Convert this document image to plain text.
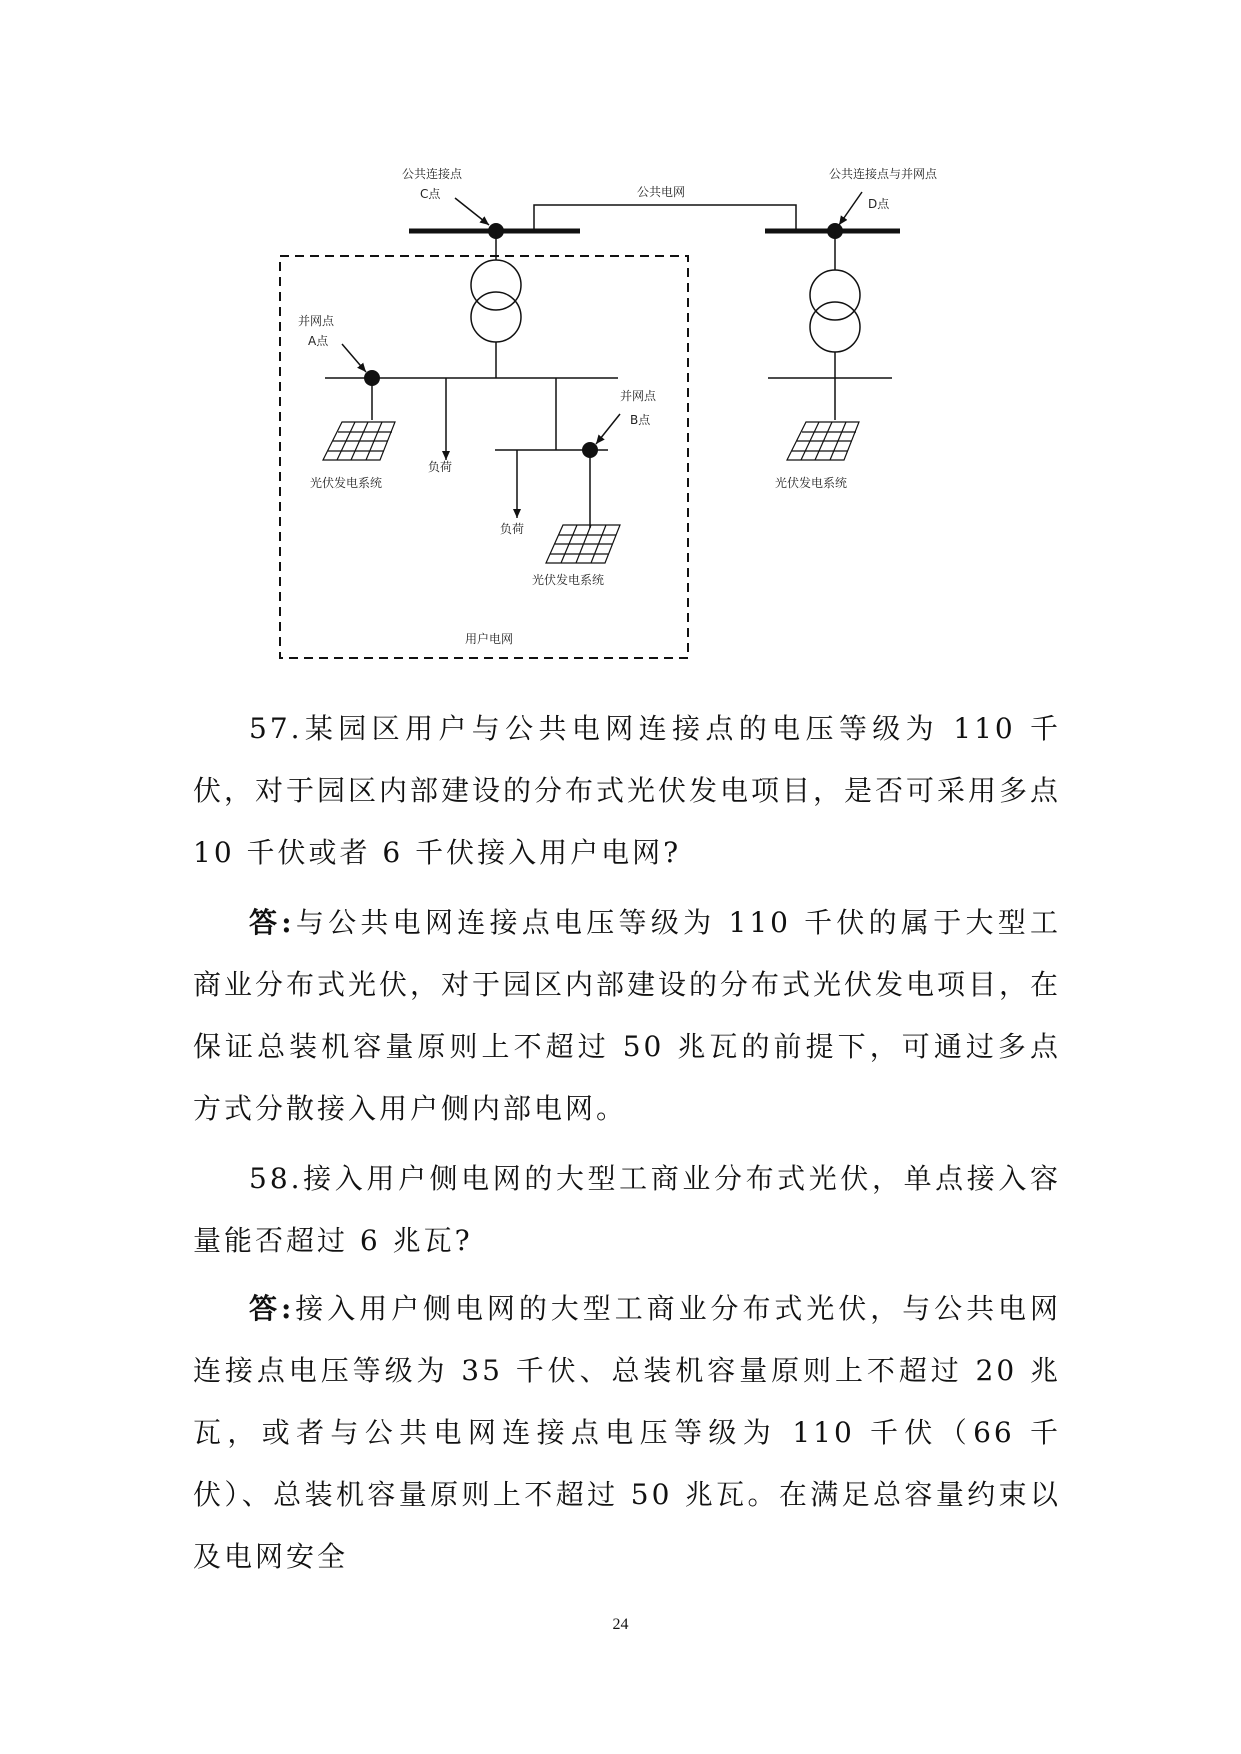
公共连接点
C点	公共电网
公共连接点与并网点
D点
并网点
A点
并网点
B点
负荷
负荷
光伏发电系统
光伏发电系统
光伏发电系统
用户电网

57.某园区用户与公共电网连接点的电压等级为 110 千伏，对于园区内部建设的分布式光伏发电项目，是否可采用多点 10 千伏或者 6 千伏接入用户电网?

答:与公共电网连接点电压等级为 110 千伏的属于大型工商业分布式光伏，对于园区内部建设的分布式光伏发电项目，在保证总装机容量原则上不超过 50 兆瓦的前提下，可通过多点方式分散接入用户侧内部电网。

58.接入用户侧电网的大型工商业分布式光伏，单点接入容量能否超过 6 兆瓦?

答:接入用户侧电网的大型工商业分布式光伏，与公共电网连接点电压等级为 35 千伏、总装机容量原则上不超过 20 兆瓦，或者与公共电网连接点电压等级为 110 千伏（66 千伏）、总装机容量原则上不超过 50 兆瓦。在满足总容量约束以及电网安全

24
